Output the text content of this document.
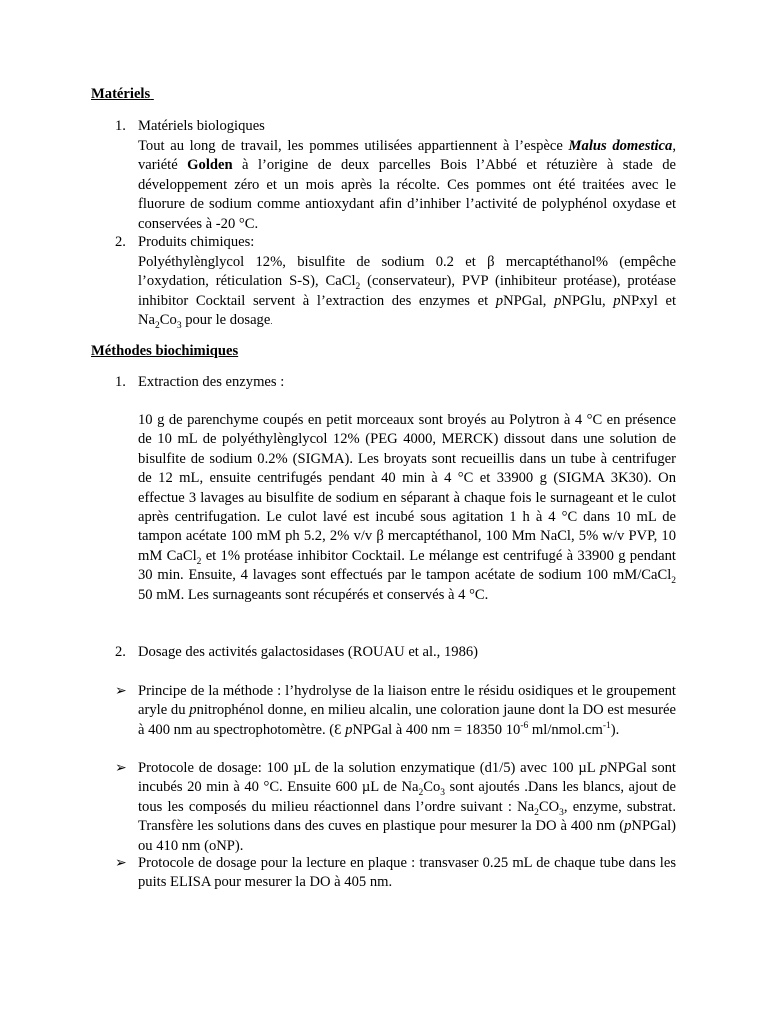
Matériels
1. Matériels biologiques

Tout au long de travail, les pommes utilisées appartiennent à l’espèce Malus domestica, variété Golden à l’origine de deux parcelles Bois l’Abbé et rétuzière à stade de développement zéro et un mois après la récolte. Ces pommes ont été traitées avec le fluorure de sodium comme antioxydant afin d’inhiber l’activité de polyphénol oxydase et conservées à -20 °C.

2. Produits chimiques:

Polyéthylènglycol 12%, bisulfite de sodium 0.2 et β mercaptéthanol% (empêche l’oxydation, réticulation S-S), CaCl$_2$ (conservateur), PVP (inhibiteur protéase), protéase inhibitor Cocktail servent à l’extraction des enzymes et pNPGal, pNPGlu, pNPxyl et $Na_2Co_3$ pour le dosage.

Méthodes biochimiques
1. Extraction des enzymes :

10 g de parenchyme coupés en petit morceaux sont broyés au Polytron à 4 °C en présence de 10 mL de polyéthylènglycol 12% (PEG 4000, MERCK) dissout dans une solution de bisulfite de sodium 0.2% (SIGMA). Les broyats sont recueillis dans un tube à centrifuger de 12 mL, ensuite centrifugés pendant 40 min à 4 °C et 33900 g (SIGMA 3K30). On effectue 3 lavages au bisulfite de sodium en séparant à chaque fois le surnageant et le culot après centrifugation. Le culot lavé est incubé sous agitation 1 h à 4 °C dans 10 mL de tampon acétate 100 mM ph 5.2, 2% v/v β mercaptéthanol, 100 Mm NaCl, 5% w/v PVP, 10 mM CaCl$_2$ et 1% protéase inhibitor Cocktail. Le mélange est centrifugé à 33900 g pendant 30 min. Ensuite, 4 lavages sont effectués par le tampon acétate de sodium 100 mM/CaCl$_2$ 50 mM. Les surnageants sont récupérés et conservés à 4 °C.

2. Dosage des activités galactosidases (ROUAU et al., 1986)
➢ Principe de la méthode : l’hydrolyse de la liaison entre le résidu osidiques et le groupement aryle du pnitrophénol donne, en milieu alcalin, une coloration jaune dont la DO est mesurée à 400 nm au spectrophotomètre. (Ɛ pNPGal à 400 nm = 18350 $10^{-6}$ $ml/nmol.cm^{-1}$).

➢ Protocole de dosage: 100 µL de la solution enzymatique (d1/5) avec 100 µL pNPGal sont incubés 20 min à 40 °C. Ensuite 600 µL de $Na_2Co_3$ sont ajoutés .Dans les blancs, ajout de tous les composés du milieu réactionnel dans l’ordre suivant : $Na_2CO_3$, enzyme, substrat. Transfère les solutions dans des cuves en plastique pour mesurer la DO à 400 nm (pNPGal) ou 410 nm (oNP).

➢ Protocole de dosage pour la lecture en plaque : transvaser 0.25 mL de chaque tube dans les puits ELISA pour mesurer la DO à 405 nm.
